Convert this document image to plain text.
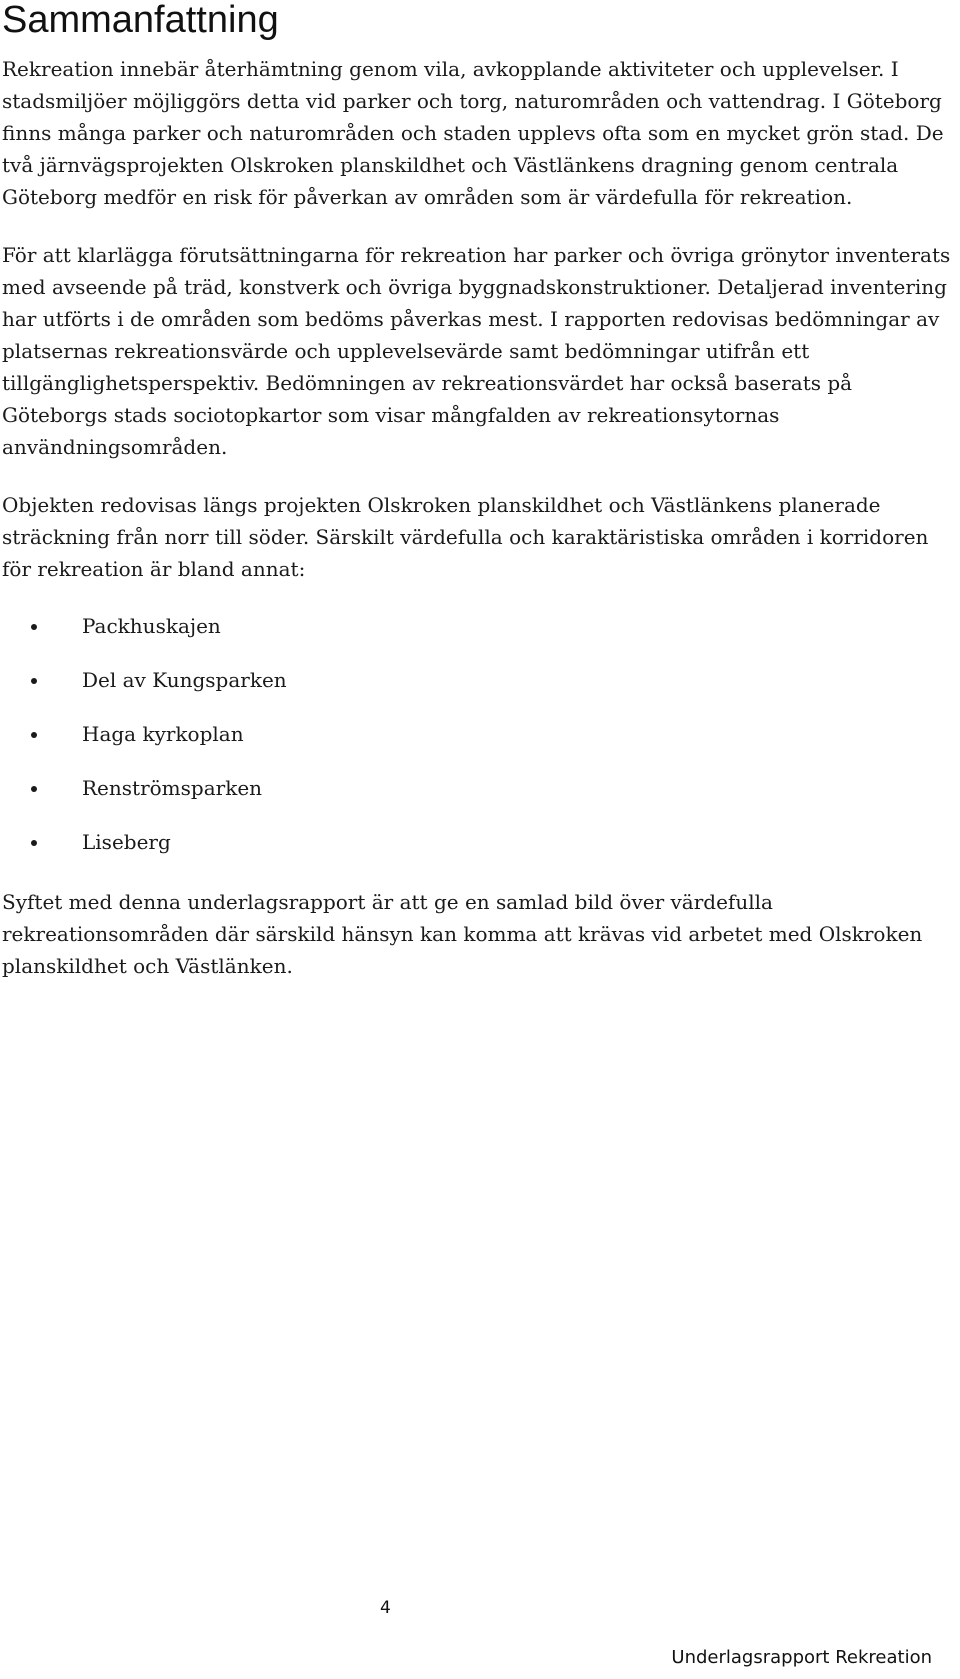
Sammanfattning

Rekreation innebär återhämtning genom vila, avkopplande aktiviteter och upplevelser. I stadsmiljöer möjliggörs detta vid parker och torg, naturområden och vattendrag. I Göteborg finns många parker och naturområden och staden upplevs ofta som en mycket grön stad. De två järnvägsprojekten Olskroken planskildhet och Västlänkens dragning genom centrala Göteborg medför en risk för påverkan av områden som är värdefulla för rekreation.

För att klarlägga förutsättningarna för rekreation har parker och övriga grönytor inventerats med avseende på träd, konstverk och övriga byggnadskonstruktioner. Detaljerad inventering har utförts i de områden som bedöms påverkas mest. I rapporten redovisas bedömningar av platsernas rekreationsvärde och upplevelsevärde samt bedömningar utifrån ett tillgänglighetsperspektiv. Bedömningen av rekreationsvärdet har också baserats på Göteborgs stads sociotopkartor som visar mångfalden av rekreationsytornas användningsområden.

Objekten redovisas längs projekten Olskroken planskildhet och Västlänkens planerade sträckning från norr till söder. Särskilt värdefulla och karaktäristiska områden i korridoren för rekreation är bland annat:

Packhuskajen
Del av Kungsparken
Haga kyrkoplan
Renströmsparken
Liseberg

Syftet med denna underlagsrapport är att ge en samlad bild över värdefulla rekreationsområden där särskild hänsyn kan komma att krävas vid arbetet med Olskroken planskildhet och Västlänken.

4
Underlagsrapport Rekreation
